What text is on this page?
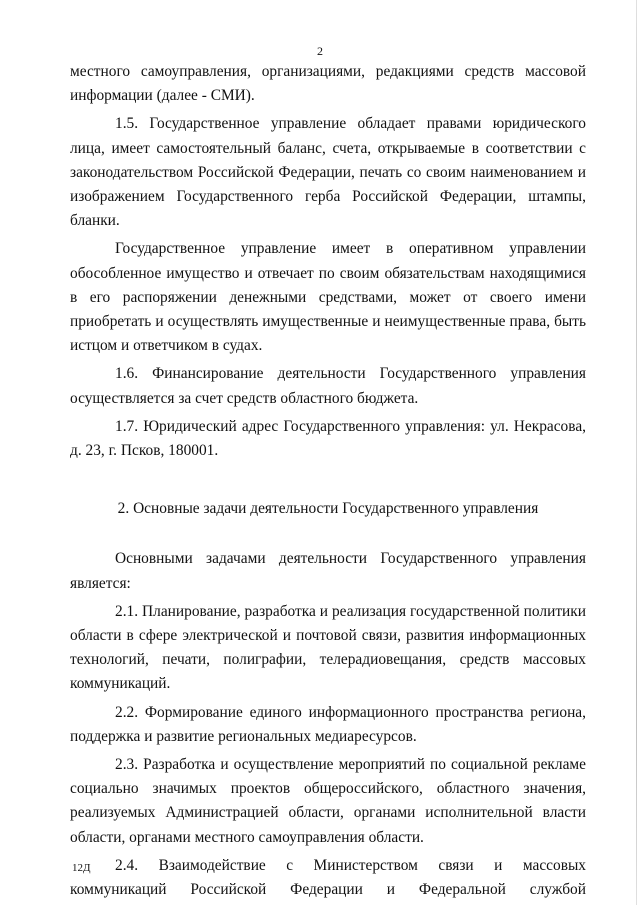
2

местного самоуправления, организациями, редакциями средств массовой информации (далее - СМИ).

1.5. Государственное управление обладает правами юридического лица, имеет самостоятельный баланс, счета, открываемые в соответствии с законодательством Российской Федерации, печать со своим наименованием и изображением Государственного герба Российской Федерации, штампы, бланки.

Государственное управление имеет в оперативном управлении обособленное имущество и отвечает по своим обязательствам находящимися в его распоряжении денежными средствами, может от своего имени приобретать и осуществлять имущественные и неимущественные права, быть истцом и ответчиком в судах.

1.6. Финансирование деятельности Государственного управления осуществляется за счет средств областного бюджета.

1.7. Юридический адрес Государственного управления: ул. Некрасова, д. 23, г. Псков, 180001.

2. Основные задачи деятельности Государственного управления

Основными задачами деятельности Государственного управления является:

2.1. Планирование, разработка и реализация государственной политики области в сфере электрической и почтовой связи, развития информационных технологий, печати, полиграфии, телерадиовещания, средств массовых коммуникаций.

2.2. Формирование единого информационного пространства региона, поддержка и развитие региональных медиаресурсов.

2.3. Разработка и осуществление мероприятий по социальной рекламе социально значимых проектов общероссийского, областного значения, реализуемых Администрацией области, органами исполнительной власти области, органами местного самоуправления области.

2.4. Взаимодействие с Министерством связи и массовых коммуникаций Российской Федерации и Федеральной службой

12Д
